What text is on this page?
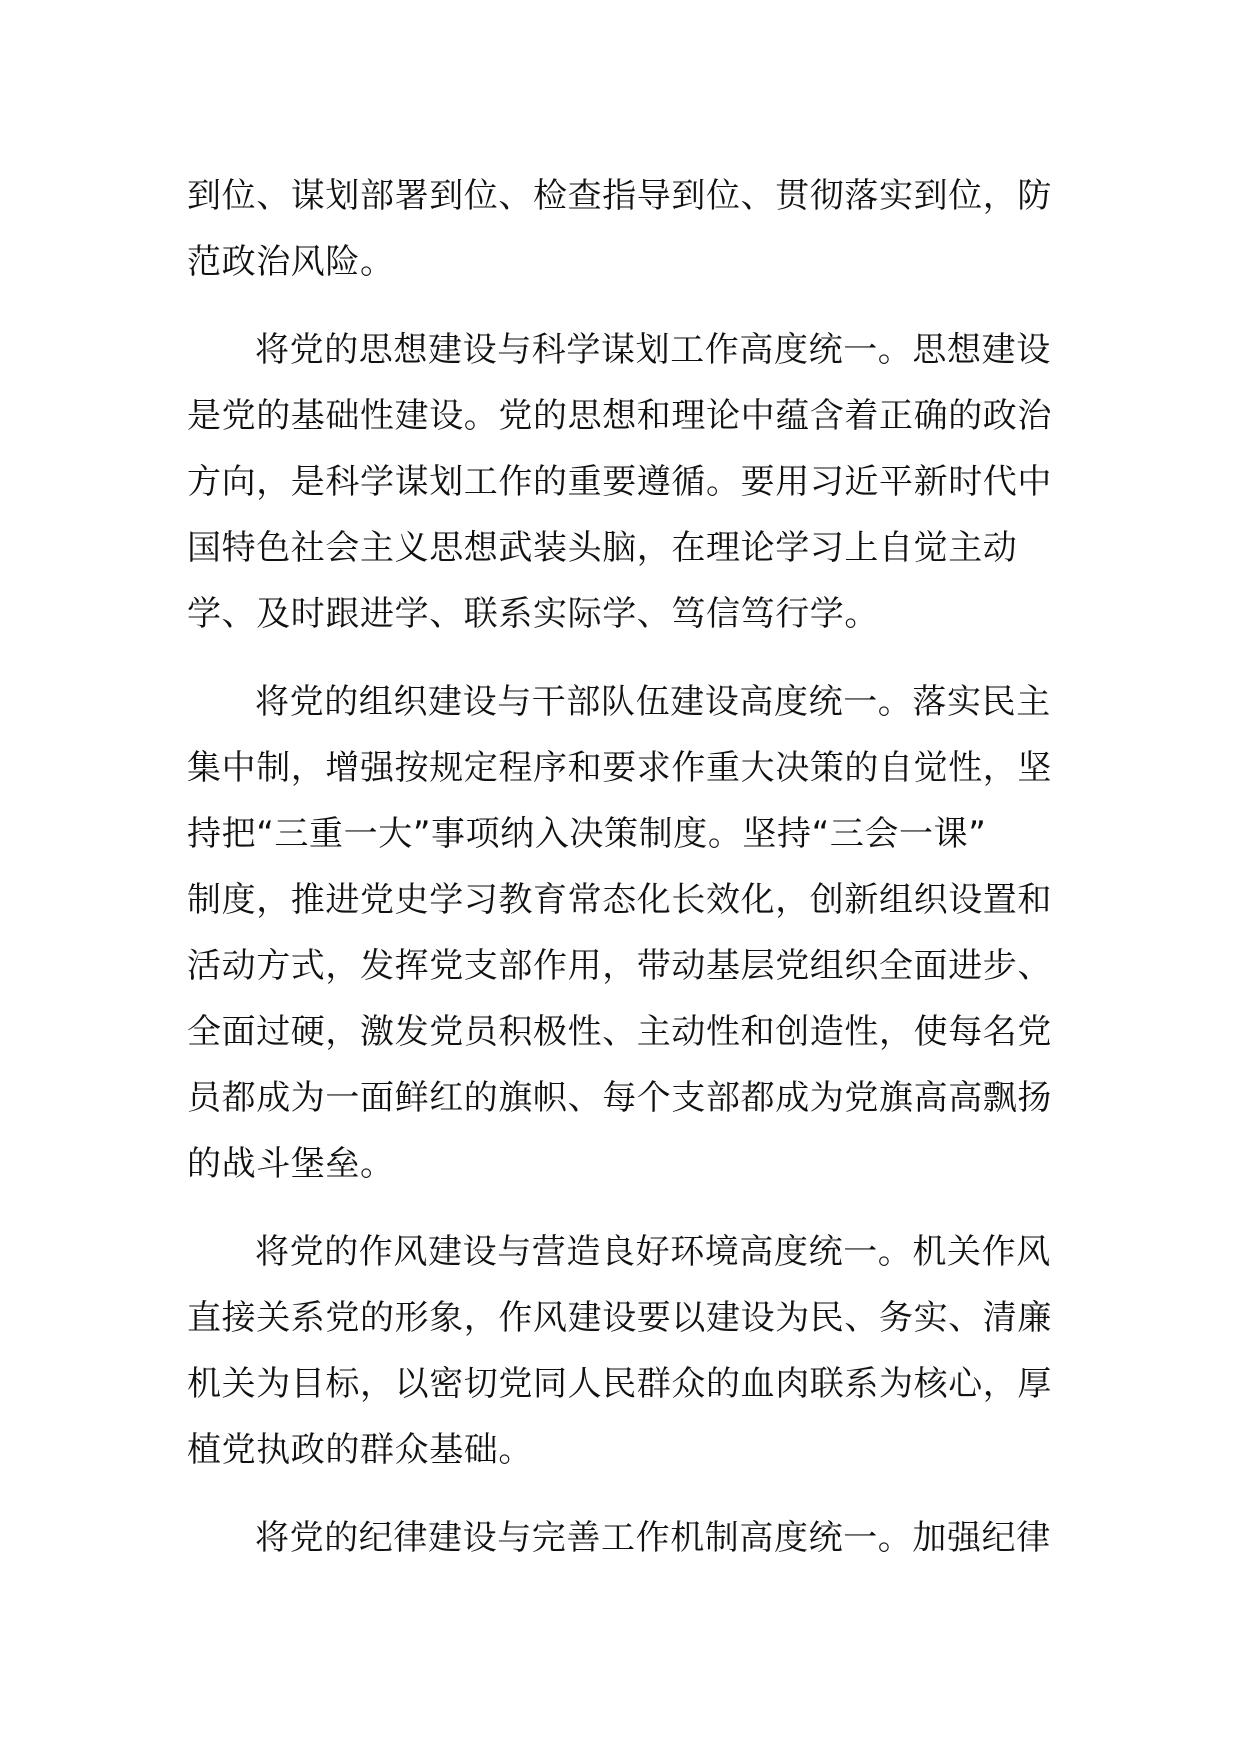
到位、谋划部署到位、检查指导到位、贯彻落实到位，防
范政治风险。
将党的思想建设与科学谋划工作高度统一。思想建设
是党的基础性建设。党的思想和理论中蕴含着正确的政治
方向，是科学谋划工作的重要遵循。要用习近平新时代中
国特色社会主义思想武装头脑，在理论学习上自觉主动
学、及时跟进学、联系实际学、笃信笃行学。
将党的组织建设与干部队伍建设高度统一。落实民主
集中制，增强按规定程序和要求作重大决策的自觉性，坚
持把“三重一大”事项纳入决策制度。坚持“三会一课”
制度，推进党史学习教育常态化长效化，创新组织设置和
活动方式，发挥党支部作用，带动基层党组织全面进步、
全面过硬，激发党员积极性、主动性和创造性，使每名党
员都成为一面鲜红的旗帜、每个支部都成为党旗高高飘扬
的战斗堡垒。
将党的作风建设与营造良好环境高度统一。机关作风
直接关系党的形象，作风建设要以建设为民、务实、清廉
机关为目标，以密切党同人民群众的血肉联系为核心，厚
植党执政的群众基础。
将党的纪律建设与完善工作机制高度统一。加强纪律
